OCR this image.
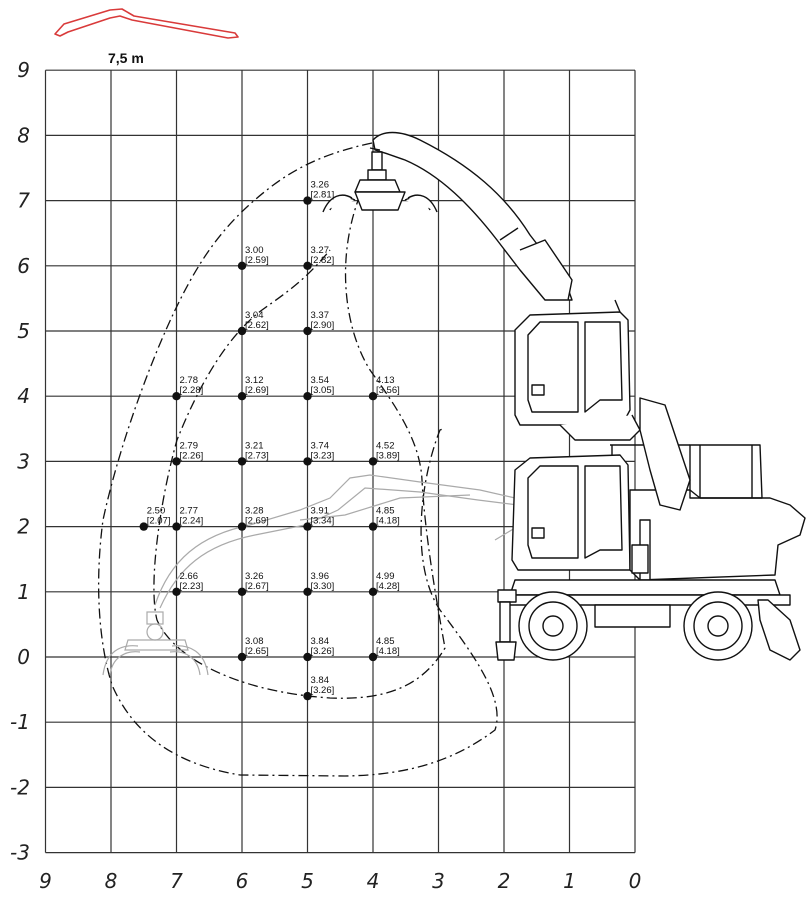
7,5 m
9
8
7
6
5
4
3
2
1
0
-1
-2
-3
9	8	7	6	5	4	3	2	1	0
3.26
[2.81]
3.00
[2.59]
3.27
[2.82]
3.04
[2.62]
3.37
[2.90]
2.78
[2.28]
3.12
[2.69]
3.54
[3.05]
4.13
[3.56]
2.79
[2.26]
3.21
[2.73]
3.74
[3.23]
4.52
[3.89]
2.50
[2.07]
2.77
[2.24]
3.28
[2.69]
3.91
[3.34]
4.85
[4.18]
2.66
[2.23]
3.26
[2.67]
3.96
[3.30]
4.99
[4.28]
3.08
[2.65]
3.84
[3.26]
4.85
[4.18]
3.84
[3.26]
